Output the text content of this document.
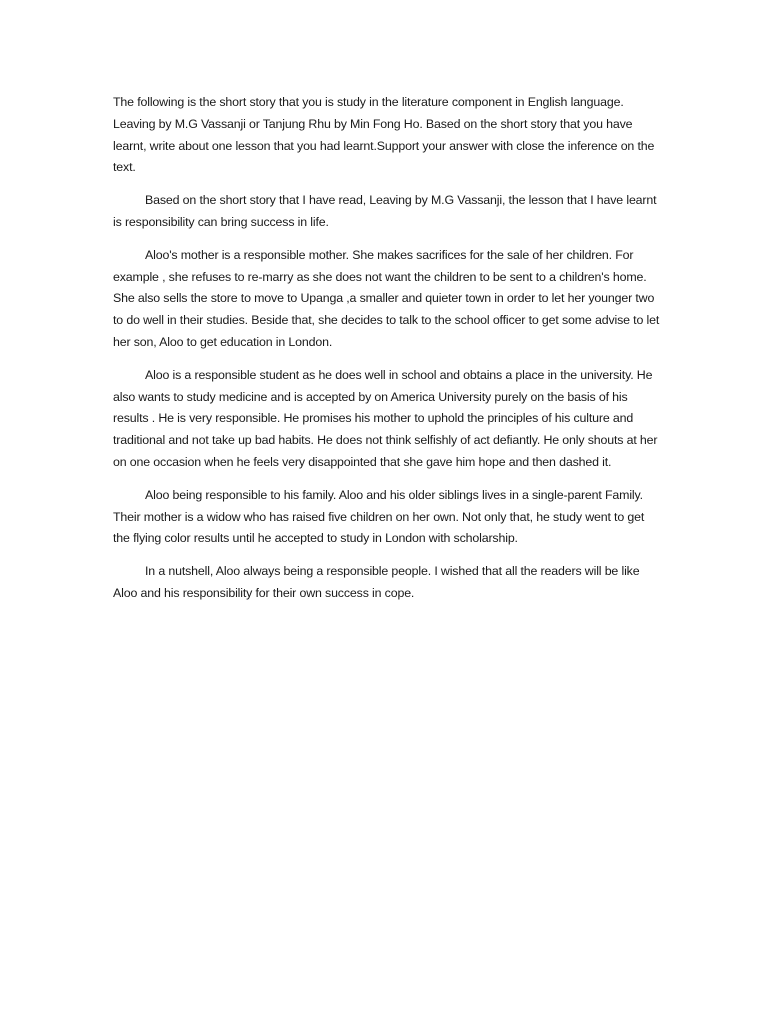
The following is the short story that you is study in the literature component in English language. Leaving by M.G Vassanji or Tanjung Rhu by Min Fong Ho. Based on the short story that you have learnt, write about one lesson that you had learnt.Support your answer with close the inference on the text.

Based on the short story that I have read, Leaving by M.G Vassanji, the lesson that I have learnt is responsibility can bring success in life.

Aloo's mother is a responsible mother. She makes sacrifices for the sale of her children. For example , she refuses to re-marry as she does not want the children to be sent to a children's home. She also sells the store to move to Upanga ,a smaller and quieter town in order to let her younger two to do well in their studies. Beside that, she decides to talk to the school officer to get some advise to let her son, Aloo to get education in London.

Aloo is a responsible student as he does well in school and obtains a place in the university. He also wants to study medicine and is accepted by on America University purely on the basis of his results . He is very responsible. He promises his mother to uphold the principles of his culture and traditional and not take up bad habits. He does not think selfishly of act defiantly. He only shouts at her on one occasion when he feels very disappointed that she gave him hope and then dashed it.

Aloo being responsible to his family. Aloo and his older siblings lives in a single-parent Family. Their mother is a widow who has raised five children on her own. Not only that, he study went to get the flying color results until he accepted to study in London with scholarship.

In a nutshell, Aloo always being a responsible people. I wished that all the readers will be like Aloo and his responsibility for their own success in cope.
